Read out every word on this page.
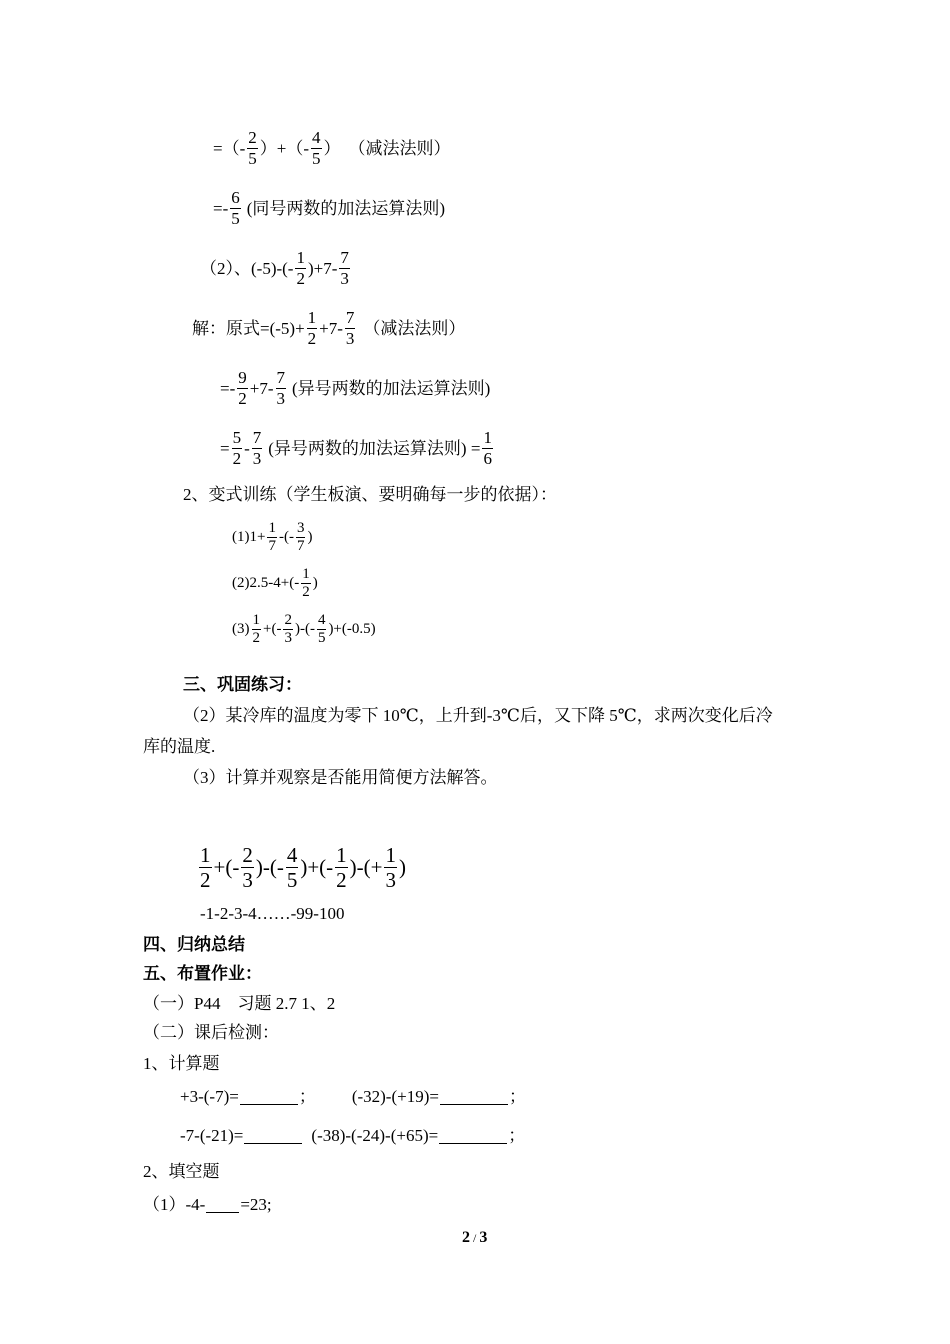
=（-
2
5
）+（-
4
5
） （减法法则）
=-
6
5
(同号两数的加法运算法则)
（2）、(-5)-(-
1
2
)+7-
7
3
解：原式=(-5)+
1
2
+7-
7
3
（减法法则）
=-
9
2
+7-
7
3
(异号两数的加法运算法则)
=
5
2
-
7
3
(异号两数的加法运算法则) =
1
6
2、变式训练（学生板演、要明确每一步的依据）：
(1)1+
1
7
-(-
3
7
)
(2)2.5-4+(-
1
2
)
(3)
1
2
+(-
2
3
)-(-
4
5
)+(-0.5)
三、巩固练习：
（2）某冷库的温度为零下 10℃，上升到-3℃后，又下降 5℃，求两次变化后冷
库的温度.
（3）计算并观察是否能用简便方法解答。
1
2
+(-
2
3
)-(-
4
5
)+(-
1
2
)-(+
1
3
)
-1-2-3-4……-99-100
四、归纳总结
五、布置作业：
（一）P44　习题 2.7 1、2
（二）课后检测：
1、计算题
+3-(-7)=	； (-32)-(+19)=	；
-7-(-21)=	(-38)-(-24)-(+65)=	；
2、填空题
（1）-4- =23;
2 / 3
